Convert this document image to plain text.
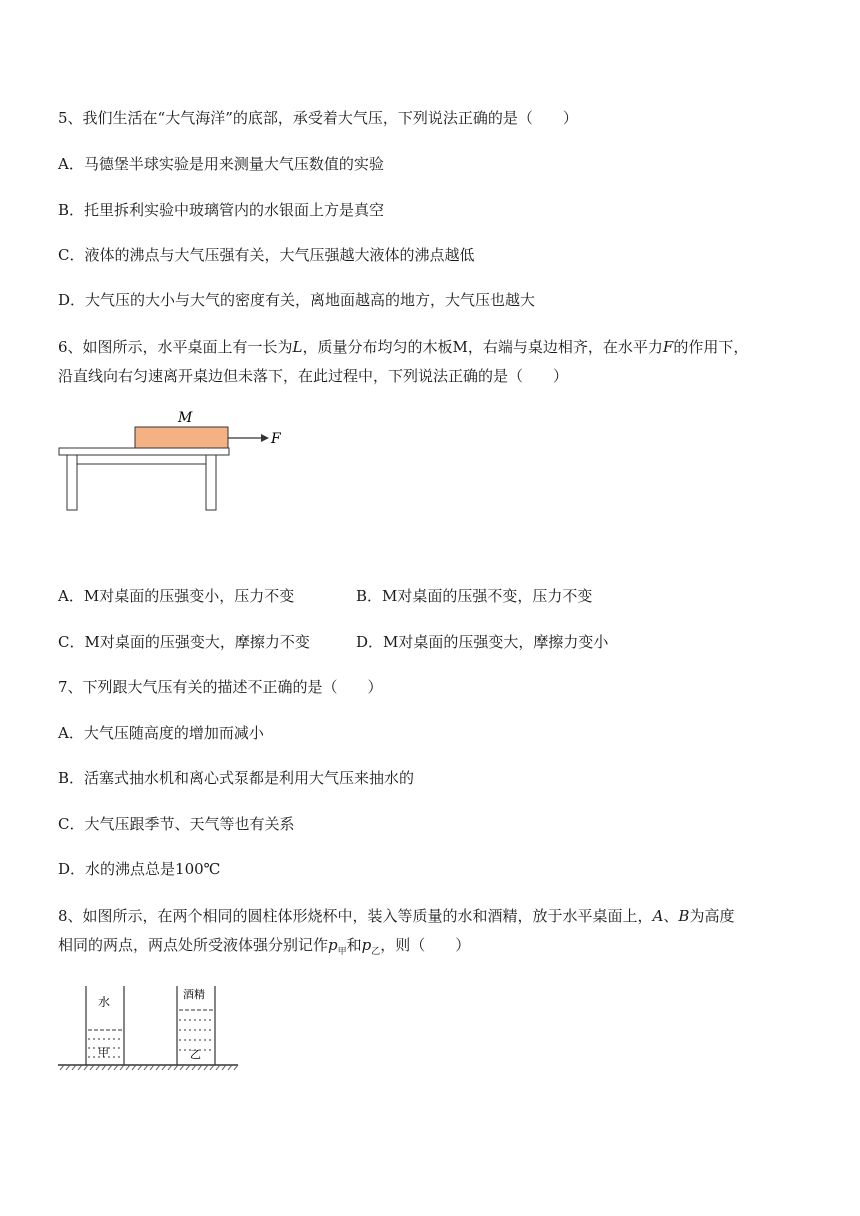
5、我们生活在“大气海洋”的底部，承受着大气压，下列说法正确的是（　　）
A．马德堡半球实验是用来测量大气压数值的实验
B．托里拆利实验中玻璃管内的水银面上方是真空
C．液体的沸点与大气压强有关，大气压强越大液体的沸点越低
D．大气压的大小与大气的密度有关，离地面越高的地方，大气压也越大
6、如图所示，水平桌面上有一长为L，质量分布均匀的木板M，右端与桌边相齐，在水平力F的作用下，
沿直线向右匀速离开桌边但未落下，在此过程中，下列说法正确的是（　　）
M
F
A．M对桌面的压强变小，压力不变	B．M对桌面的压强不变，压力不变
C．M对桌面的压强变大，摩擦力不变	D．M对桌面的压强变大，摩擦力变小
7、下列跟大气压有关的描述不正确的是（　　）
A．大气压随高度的增加而减小
B．活塞式抽水机和离心式泵都是利用大气压来抽水的
C．大气压跟季节、天气等也有关系
D．水的沸点总是100℃
8、如图所示，在两个相同的圆柱体形烧杯中，装入等质量的水和酒精，放于水平桌面上，A、B为高度
相同的两点，两点处所受液体强分别记作$p_甲$和$p_乙$，则（　　）
水
甲
酒精
乙
